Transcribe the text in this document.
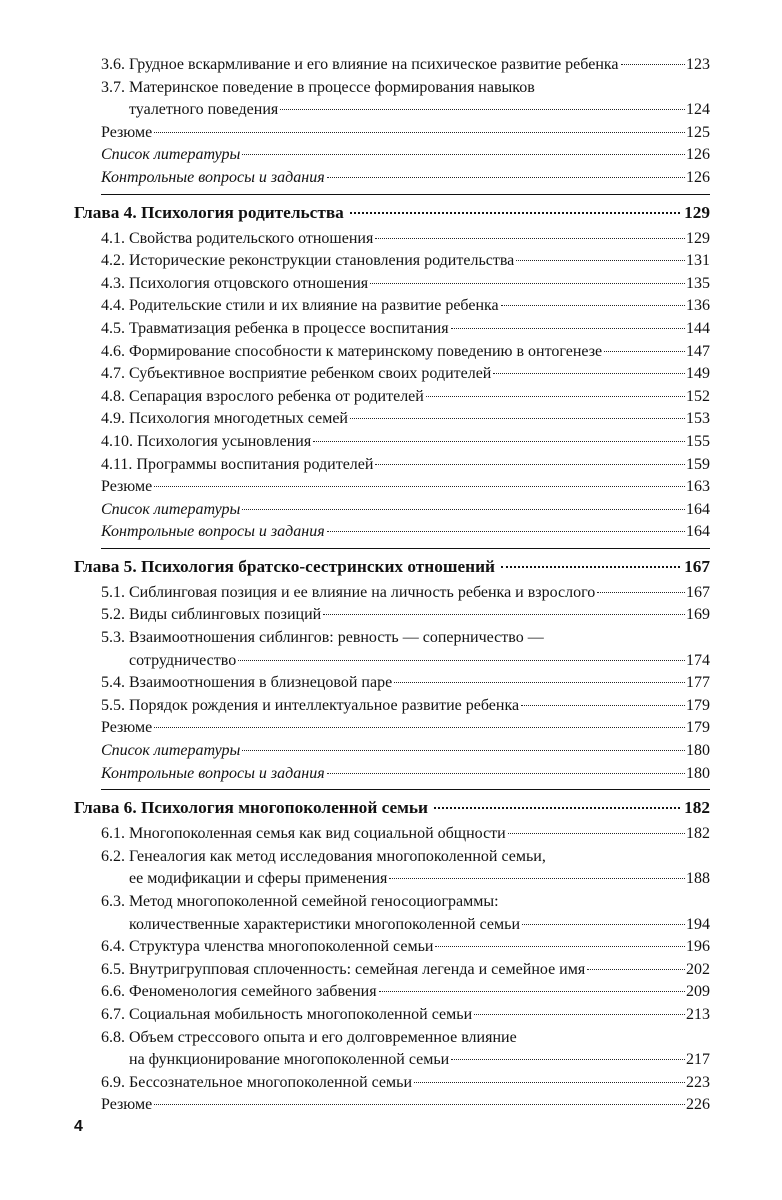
3.6. Грудное вскармливание и его влияние на психическое развитие ребенка	123
3.7. Материнское поведение в процессе формирования навыков
туалетного поведения	124
Резюме	125
Список литературы	126
Контрольные вопросы и задания	126
Глава 4. Психология родительства	129
4.1. Свойства родительского отношения	129
4.2. Исторические реконструкции становления родительства	131
4.3. Психология отцовского отношения	135
4.4. Родительские стили и их влияние на развитие ребенка	136
4.5. Травматизация ребенка в процессе воспитания	144
4.6. Формирование способности к материнскому поведению в онтогенезе	147
4.7. Субъективное восприятие ребенком своих родителей	149
4.8. Сепарация взрослого ребенка от родителей	152
4.9. Психология многодетных семей	153
4.10. Психология усыновления	155
4.11. Программы воспитания родителей	159
Резюме	163
Список литературы	164
Контрольные вопросы и задания	164
Глава 5. Психология братско-сестринских отношений	167
5.1. Сиблинговая позиция и ее влияние на личность ребенка и взрослого	167
5.2. Виды сиблинговых позиций	169
5.3. Взаимоотношения сиблингов: ревность — соперничество —
сотрудничество	174
5.4. Взаимоотношения в близнецовой паре	177
5.5. Порядок рождения и интеллектуальное развитие ребенка	179
Резюме	179
Список литературы	180
Контрольные вопросы и задания	180
Глава 6. Психология многопоколенной семьи	182
6.1. Многопоколенная семья как вид социальной общности	182
6.2. Генеалогия как метод исследования многопоколенной семьи,
ее модификации и сферы применения	188
6.3. Метод многопоколенной семейной геносоциограммы:
количественные характеристики многопоколенной семьи	194
6.4. Структура членства многопоколенной семьи	196
6.5. Внутригрупповая сплоченность: семейная легенда и семейное имя	202
6.6. Феноменология семейного забвения	209
6.7. Социальная мобильность многопоколенной семьи	213
6.8. Объем стрессового опыта и его долговременное влияние
на функционирование многопоколенной семьи	217
6.9. Бессознательное многопоколенной семьи	223
Резюме	226
4
